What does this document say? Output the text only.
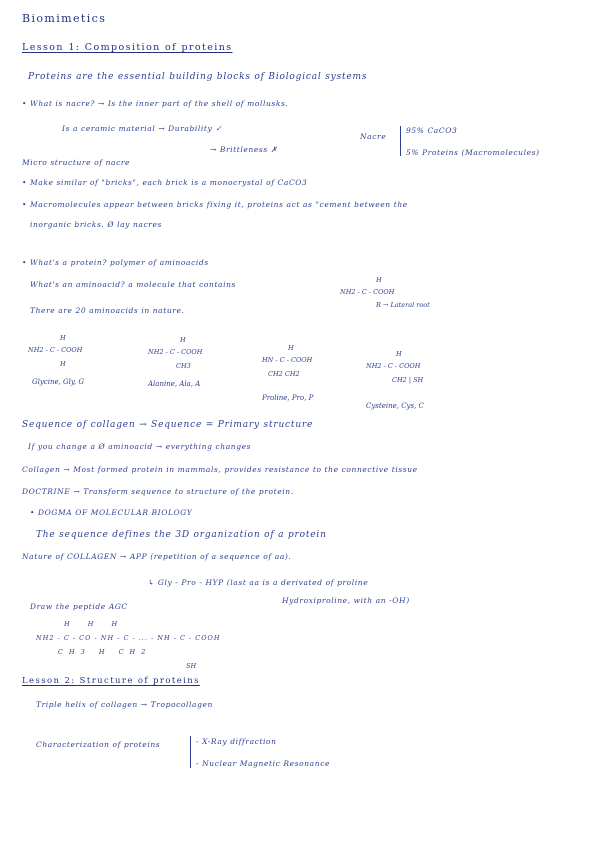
Biomimetics
Lesson 1: Composition of proteins
Proteins are the essential building blocks of Biological systems
• What is nacre? → Is the inner part of the shell of mollusks.
Is a ceramic material → Durability ✓
→ Brittleness ✗
Nacre
95% CaCO3
5% Proteins (Macromolecules)
Micro structure of nacre
• Make similar of "bricks", each brick is a monocrystal of CaCO3
• Macromolecules appear between bricks fixing it, proteins act as "cement between the
inorganic bricks. Ø lay nacres
• What's a protein? polymer of aminoacids
What's an aminoacid? a molecule that contains	H
NH2 - C - COOH
R → Lateral root
There are 20 aminoacids in nature.
H
NH2 - C - COOH
H
Glycine, Gly, G
H
NH2 - C - COOH
CH3
Alanine, Ala, A
H
HN - C - COOH
CH2 CH2
Proline, Pro, P
H
NH2 - C - COOH
CH2 | SH
Cysteine, Cys, C
Sequence of collagen → Sequence = Primary structure
If you change a Ø aminoacid → everything changes
Collagen → Most formed protein in mammals, provides resistance to the connective tissue
DOCTRINE → Transform sequence to structure of the protein.
• DOGMA OF MOLECULAR BIOLOGY
The sequence defines the 3D organization of a protein
Nature of COLLAGEN → APP (repetition of a sequence of aa).
↳ Gly - Pro - HYP (last aa is a derivated of proline
Hydroxiproline, with an -OH)
Draw the peptide AGC
H H H
NH2 - C - CO - NH - C - ... - NH - C - COOH
CH3 H CH2
SH
Lesson 2: Structure of proteins
Triple helix of collagen → Tropocollagen
Characterization of proteins	- X-Ray diffraction
- Nuclear Magnetic Resonance
